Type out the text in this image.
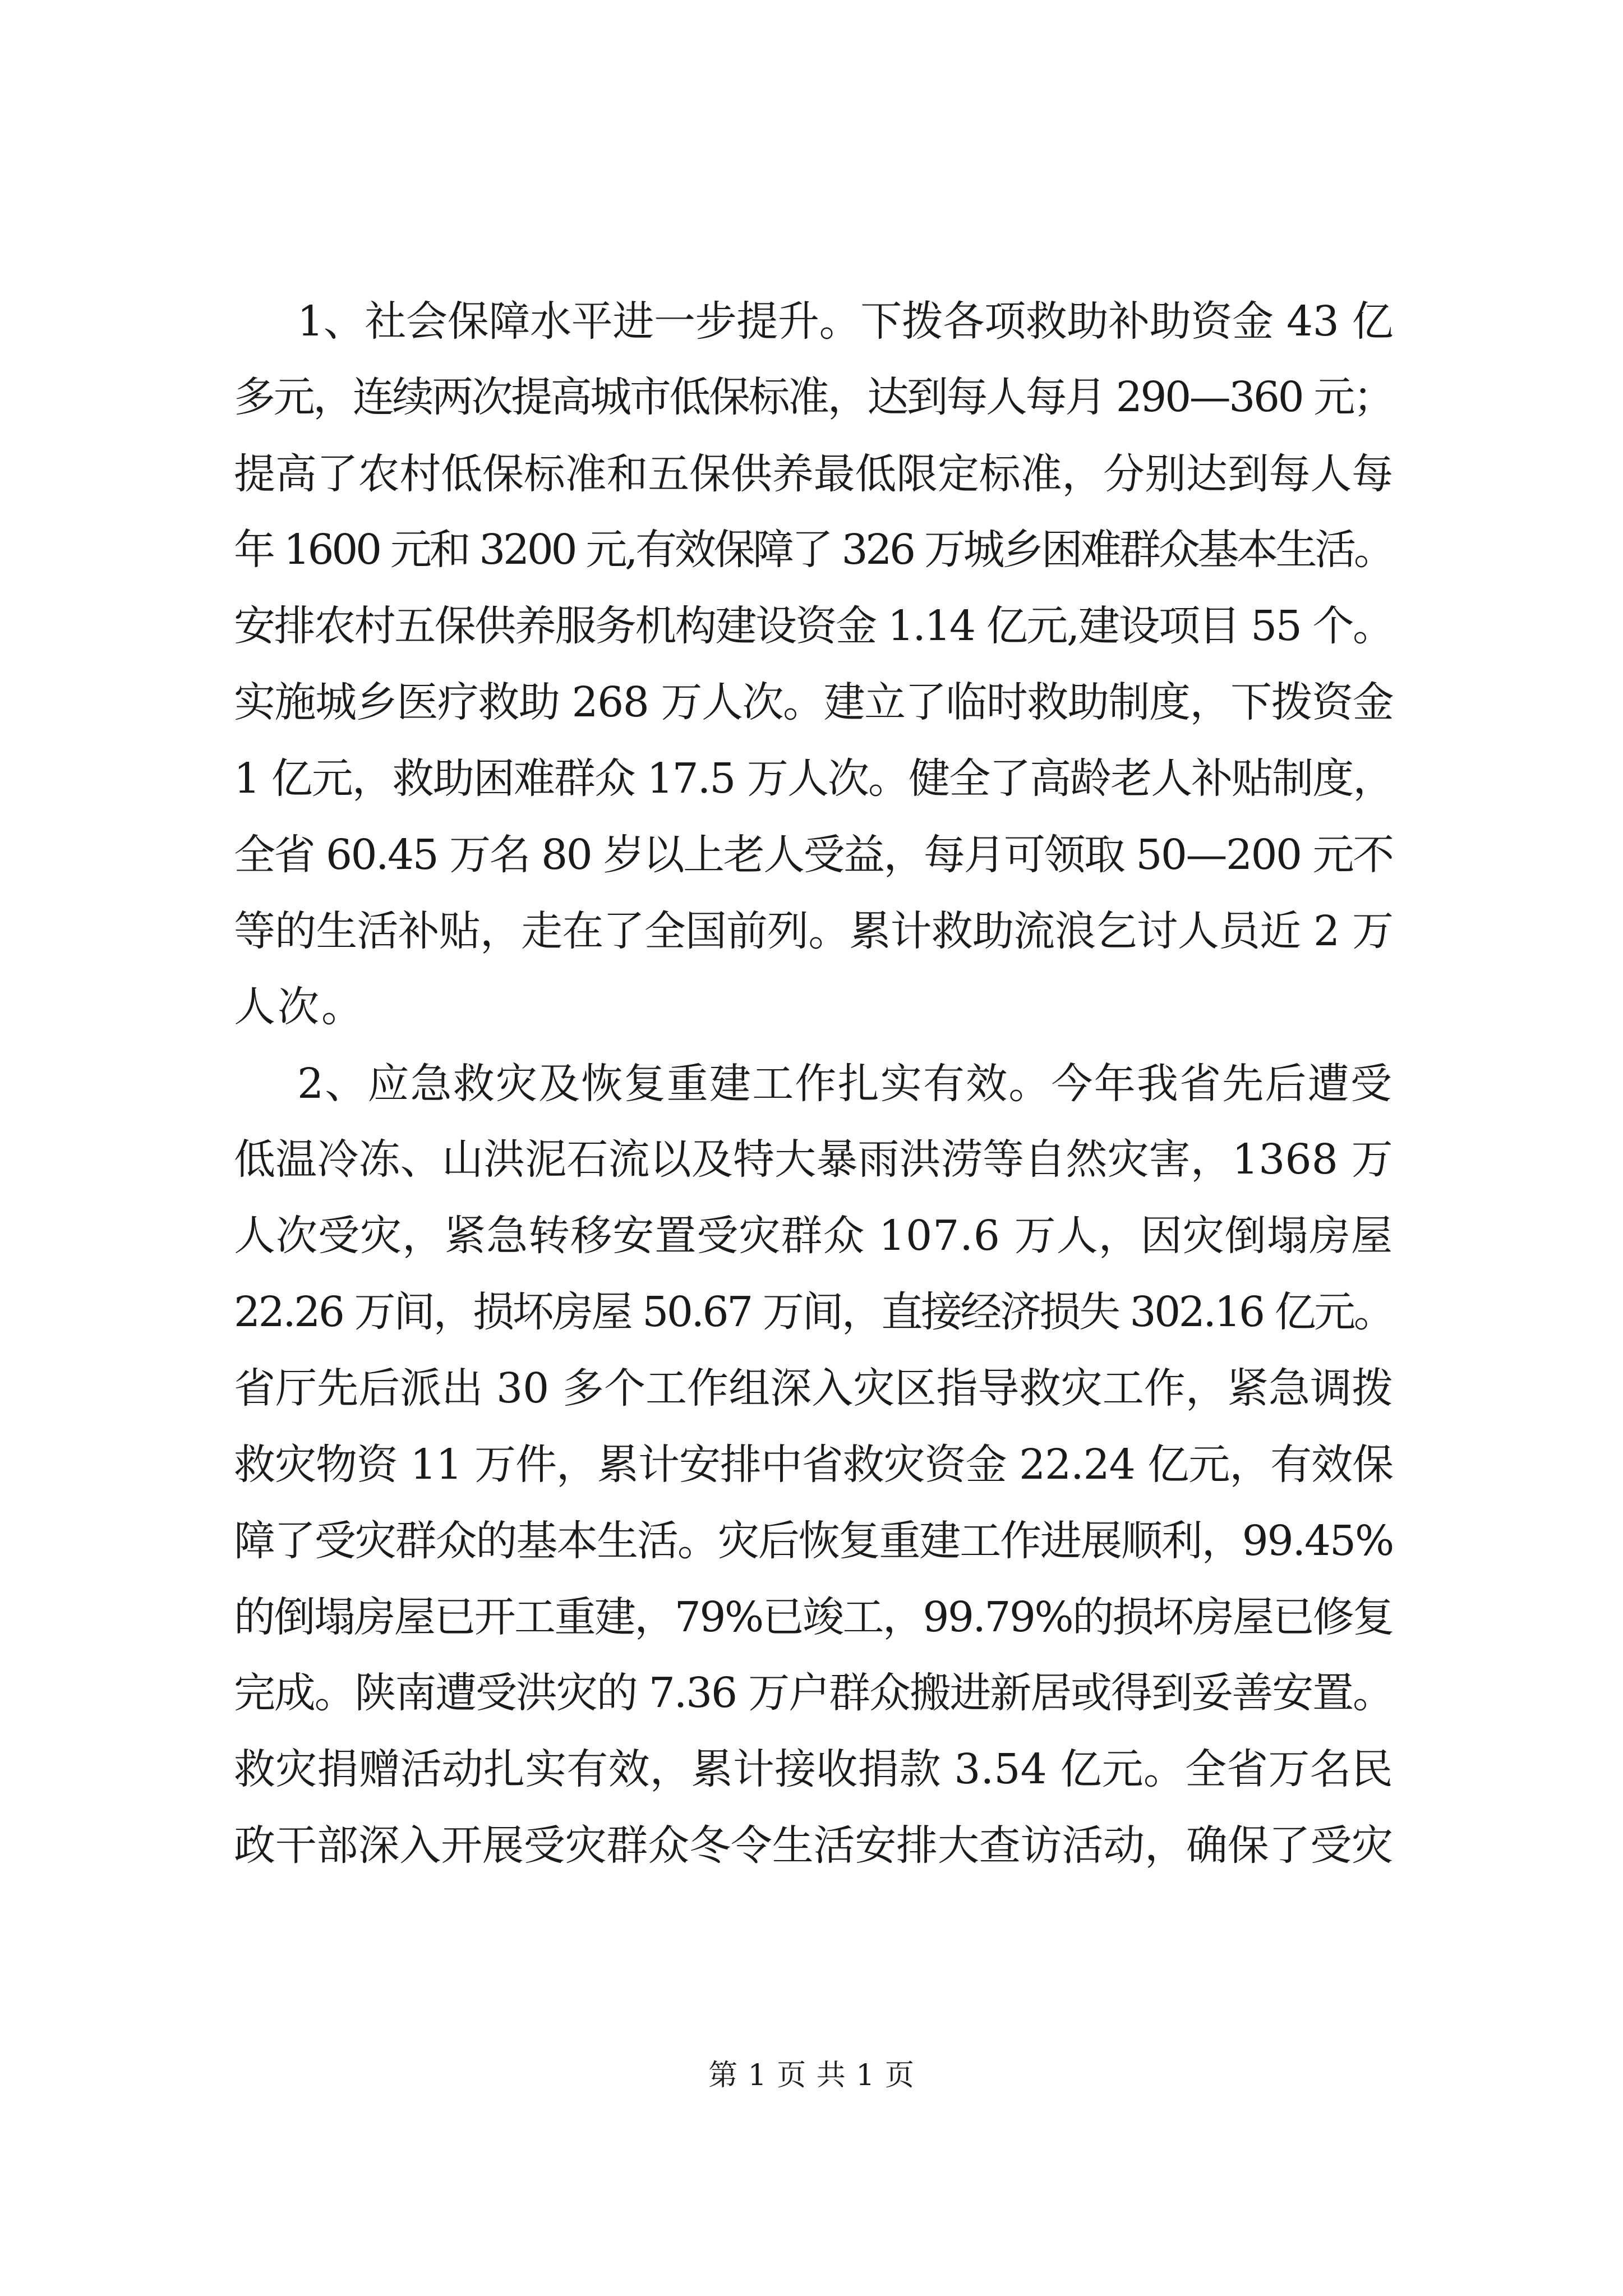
1、社会保障水平进一步提升。下拨各项救助补助资金 43 亿
多元，连续两次提高城市低保标准，达到每人每月 290—360 元；
提高了农村低保标准和五保供养最低限定标准，分别达到每人每
年 1600 元和 3200 元,有效保障了 326 万城乡困难群众基本生活。
安排农村五保供养服务机构建设资金 1.14 亿元,建设项目 55 个。
实施城乡医疗救助 268 万人次。建立了临时救助制度，下拨资金
1 亿元，救助困难群众 17.5 万人次。健全了高龄老人补贴制度，
全省 60.45 万名 80 岁以上老人受益，每月可领取 50—200 元不
等的生活补贴，走在了全国前列。累计救助流浪乞讨人员近 2 万
人次。
2、应急救灾及恢复重建工作扎实有效。今年我省先后遭受
低温冷冻、山洪泥石流以及特大暴雨洪涝等自然灾害，1368 万
人次受灾，紧急转移安置受灾群众 107.6 万人，因灾倒塌房屋
22.26 万间，损坏房屋 50.67 万间，直接经济损失 302.16 亿元。
省厅先后派出 30 多个工作组深入灾区指导救灾工作，紧急调拨
救灾物资 11 万件，累计安排中省救灾资金 22.24 亿元，有效保
障了受灾群众的基本生活。灾后恢复重建工作进展顺利，99.45%
的倒塌房屋已开工重建，79%已竣工，99.79%的损坏房屋已修复
完成。陕南遭受洪灾的 7.36 万户群众搬进新居或得到妥善安置。
救灾捐赠活动扎实有效，累计接收捐款 3.54 亿元。全省万名民
政干部深入开展受灾群众冬令生活安排大查访活动，确保了受灾
第 1 页 共 1 页
